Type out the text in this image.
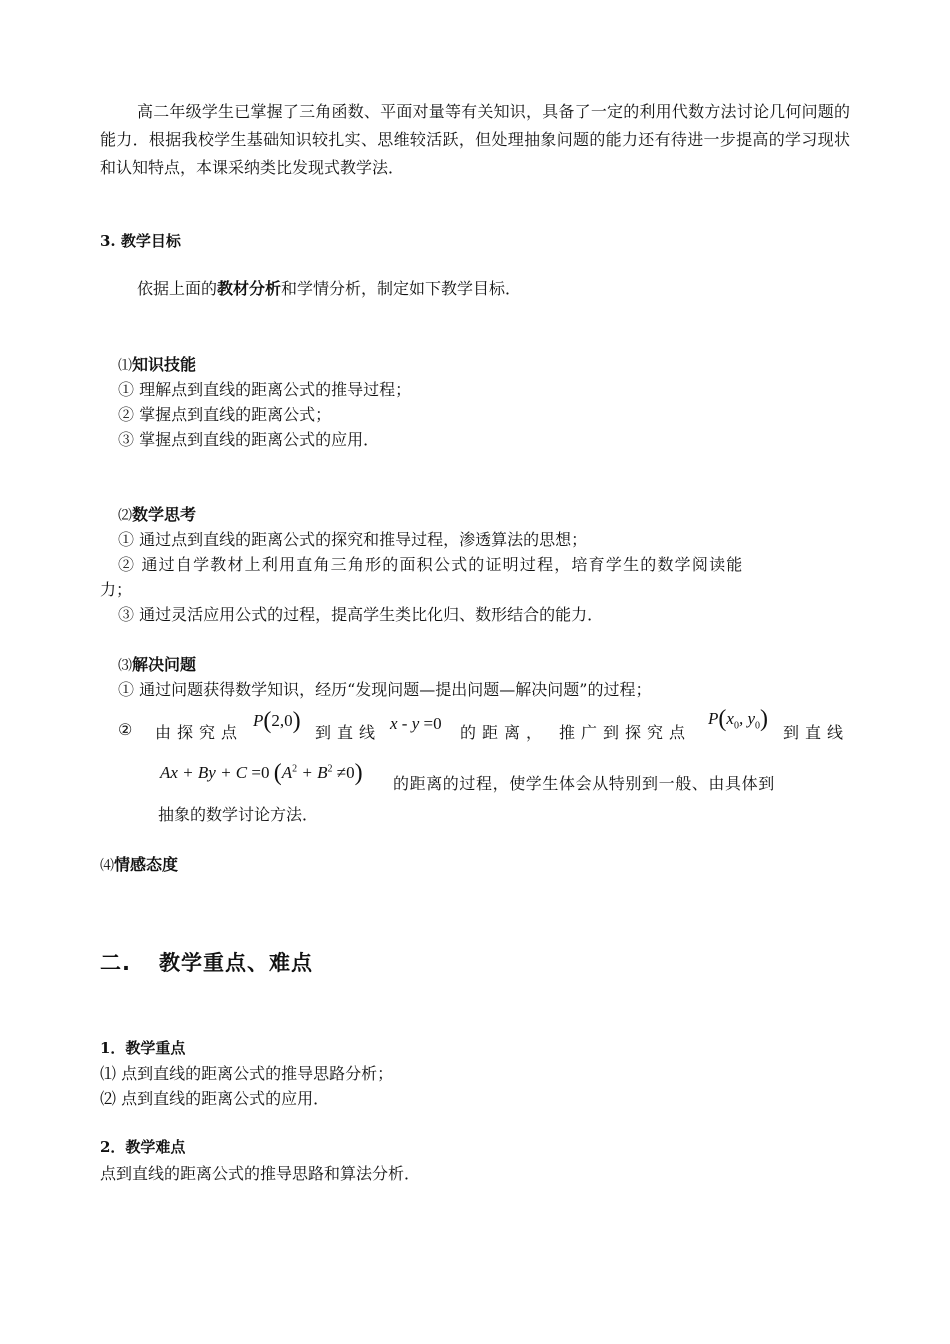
高二年级学生已掌握了三角函数、平面对量等有关知识，具备了一定的利用代数方法讨论几何问题的能力．根据我校学生基础知识较扎实、思维较活跃，但处理抽象问题的能力还有待进一步提高的学习现状和认知特点，本课采纳类比发现式教学法．
3. 教学目标
依据上面的教材分析和学情分析，制定如下教学目标．
⑴知识技能
① 理解点到直线的距离公式的推导过程；
② 掌握点到直线的距离公式；
③ 掌握点到直线的距离公式的应用．
⑵数学思考
① 通过点到直线的距离公式的探究和推导过程，渗透算法的思想；
② 通过自学教材上利用直角三角形的面积公式的证明过程，培育学生的数学阅读能
力；
③ 通过灵活应用公式的过程，提高学生类比化归、数形结合的能力．
⑶解决问题
① 通过问题获得数学知识，经历“发现问题—提出问题—解决问题”的过程；
② 由探究点
P(2,0) 到直线 x - y =0 的距离， 推广到探究点
$P(x_0$, $y_0$)
到直线
Ax + By + C =0 $(A^2 + B^2 \ne 0)$ 的距离的过程，使学生体会从特别到一般、由具体到
抽象的数学讨论方法．
⑷情感态度
二. 教学重点、难点
1．教学重点
⑴ 点到直线的距离公式的推导思路分析；
⑵ 点到直线的距离公式的应用．
2．教学难点
点到直线的距离公式的推导思路和算法分析．
